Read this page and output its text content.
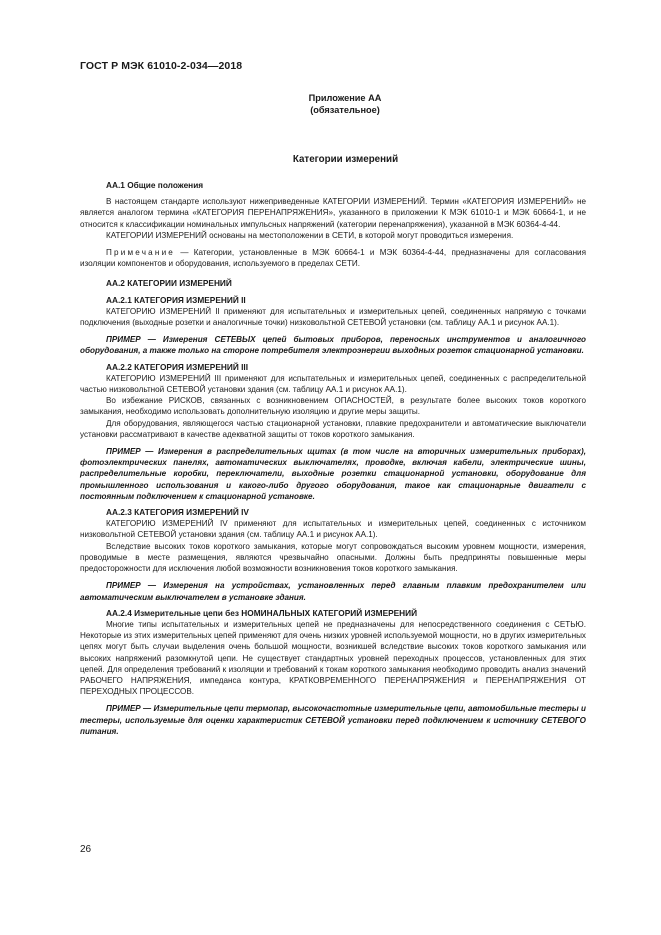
ГОСТ Р МЭК 61010-2-034—2018
Приложение АА
(обязательное)
Категории измерений
АА.1 Общие положения

В настоящем стандарте используют нижеприведенные КАТЕГОРИИ ИЗМЕРЕНИЙ. Термин «КАТЕГОРИЯ ИЗМЕРЕНИЙ» не является аналогом термина «КАТЕГОРИЯ ПЕРЕНАПРЯЖЕНИЯ», указанного в приложении К МЭК 61010-1 и МЭК 60664-1, и не относится к классификации номинальных импульсных напряжений (категории перенапряжения), указанной в МЭК 60364-4-44.

КАТЕГОРИИ ИЗМЕРЕНИЙ основаны на местоположении в СЕТИ, в которой могут проводиться измерения.

Примечание — Категории, установленные в МЭК 60664-1 и МЭК 60364-4-44, предназначены для согласования изоляции компонентов и оборудования, используемого в пределах СЕТИ.

АА.2 КАТЕГОРИИ ИЗМЕРЕНИЙ
АА.2.1 КАТЕГОРИЯ ИЗМЕРЕНИЙ II

КАТЕГОРИЮ ИЗМЕРЕНИЙ II применяют для испытательных и измерительных цепей, соединенных напрямую с точками подключения (выходные розетки и аналогичные точки) низковольтной СЕТЕВОЙ установки (см. таблицу АА.1 и рисунок АА.1).

ПРИМЕР — Измерения СЕТЕВЫХ цепей бытовых приборов, переносных инструментов и аналогичного оборудования, а также только на стороне потребителя электроэнергии выходных розеток стационарной установки.

АА.2.2 КАТЕГОРИЯ ИЗМЕРЕНИЙ III

КАТЕГОРИЮ ИЗМЕРЕНИЙ III применяют для испытательных и измерительных цепей, соединенных с распределительной частью низковольтной СЕТЕВОЙ установки здания (см. таблицу АА.1 и рисунок АА.1).

Во избежание РИСКОВ, связанных с возникновением ОПАСНОСТЕЙ, в результате более высоких токов короткого замыкания, необходимо использовать дополнительную изоляцию и другие меры защиты.

Для оборудования, являющегося частью стационарной установки, плавкие предохранители и автоматические выключатели установки рассматривают в качестве адекватной защиты от токов короткого замыкания.

ПРИМЕР — Измерения в распределительных щитах (в том числе на вторичных измерительных приборах), фотоэлектрических панелях, автоматических выключателях, проводке, включая кабели, электрические шины, распределительные коробки, переключатели, выходные розетки стационарной установки, оборудование для промышленного использования и какого-либо другого оборудования, такое как стационарные двигатели с постоянным подключением к стационарной установке.

АА.2.3 КАТЕГОРИЯ ИЗМЕРЕНИЙ IV

КАТЕГОРИЮ ИЗМЕРЕНИЙ IV применяют для испытательных и измерительных цепей, соединенных с источником низковольтной СЕТЕВОЙ установки здания (см. таблицу АА.1 и рисунок АА.1).

Вследствие высоких токов короткого замыкания, которые могут сопровождаться высоким уровнем мощности, измерения, проводимые в месте размещения, являются чрезвычайно опасными. Должны быть предприняты повышенные меры предосторожности для исключения любой возможности возникновения токов короткого замыкания.

ПРИМЕР — Измерения на устройствах, установленных перед главным плавким предохранителем или автоматическим выключателем в установке здания.

АА.2.4 Измерительные цепи без НОМИНАЛЬНЫХ КАТЕГОРИЙ ИЗМЕРЕНИЙ

Многие типы испытательных и измерительных цепей не предназначены для непосредственного соединения с СЕТЬЮ. Некоторые из этих измерительных цепей применяют для очень низких уровней используемой мощности, но в других измерительных цепях могут быть случаи выделения очень большой мощности, возникшей вследствие высоких токов короткого замыкания или высоких напряжений разомкнутой цепи. Не существует стандартных уровней переходных процессов, установленных для этих цепей. Для определения требований к изоляции и требований к токам короткого замыкания необходимо проводить анализ значений РАБОЧЕГО НАПРЯЖЕНИЯ, импеданса контура, КРАТКОВРЕМЕННОГО ПЕРЕНАПРЯЖЕНИЯ и ПЕРЕНАПРЯЖЕНИЯ ОТ ПЕРЕХОДНЫХ ПРОЦЕССОВ.

ПРИМЕР — Измерительные цепи термопар, высокочастотные измерительные цепи, автомобильные тестеры и тестеры, используемые для оценки характеристик СЕТЕВОЙ установки перед подключением к источнику СЕТЕВОГО питания.

26
